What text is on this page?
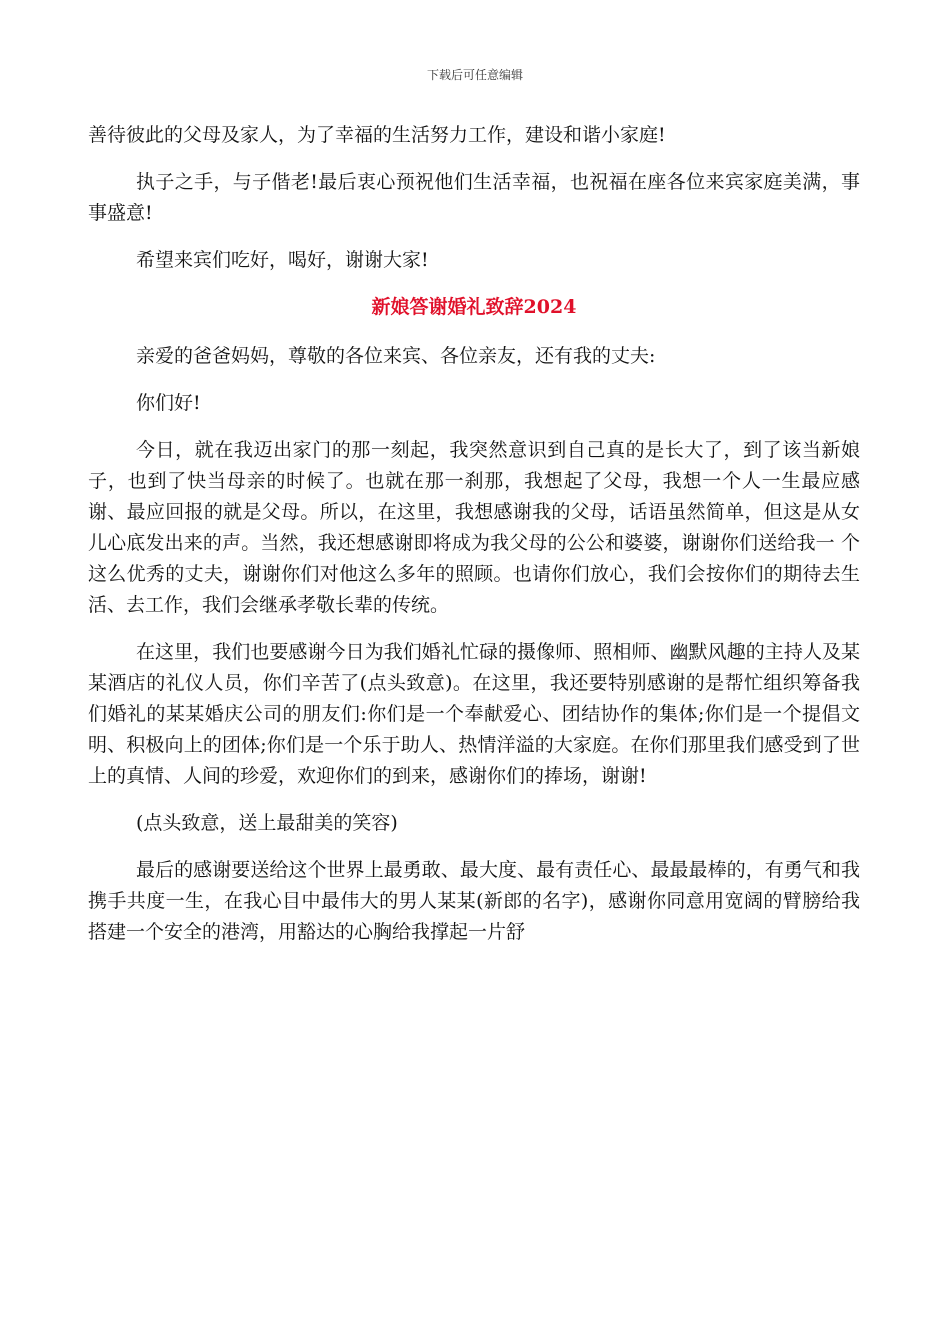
下载后可任意编辑

善待彼此的父母及家人，为了幸福的生活努力工作，建设和谐小家庭!

执子之手，与子偕老!最后衷心预祝他们生活幸福，也祝福在座各位来宾家庭美满，事事盛意!

希望来宾们吃好，喝好，谢谢大家!

新娘答谢婚礼致辞2024

亲爱的爸爸妈妈，尊敬的各位来宾、各位亲友，还有我的丈夫:

你们好!

今日，就在我迈出家门的那一刻起，我突然意识到自己真的是长大了，到了该当新娘子，也到了快当母亲的时候了。也就在那一刹那，我想起了父母，我想一个人一生最应感谢、最应回报的就是父母。所以，在这里，我想感谢我的父母，话语虽然简单，但这是从女儿心底发出来的声。当然，我还想感谢即将成为我父母的公公和婆婆，谢谢你们送给我一 个这么优秀的丈夫，谢谢你们对他这么多年的照顾。也请你们放心，我们会按你们的期待去生活、去工作，我们会继承孝敬长辈的传统。

在这里，我们也要感谢今日为我们婚礼忙碌的摄像师、照相师、幽默风趣的主持人及某某酒店的礼仪人员，你们辛苦了(点头致意)。在这里，我还要特别感谢的是帮忙组织筹备我们婚礼的某某婚庆公司的朋友们:你们是一个奉献爱心、团结协作的集体;你们是一个提倡文明、积极向上的团体;你们是一个乐于助人、热情洋溢的大家庭。在你们那里我们感受到了世上的真情、人间的珍爱，欢迎你们的到来，感谢你们的捧场，谢谢!

(点头致意，送上最甜美的笑容)

最后的感谢要送给这个世界上最勇敢、最大度、最有责任心、最最最棒的，有勇气和我携手共度一生，在我心目中最伟大的男人某某(新郎的名字)，感谢你同意用宽阔的臂膀给我搭建一个安全的港湾，用豁达的心胸给我撑起一片舒
